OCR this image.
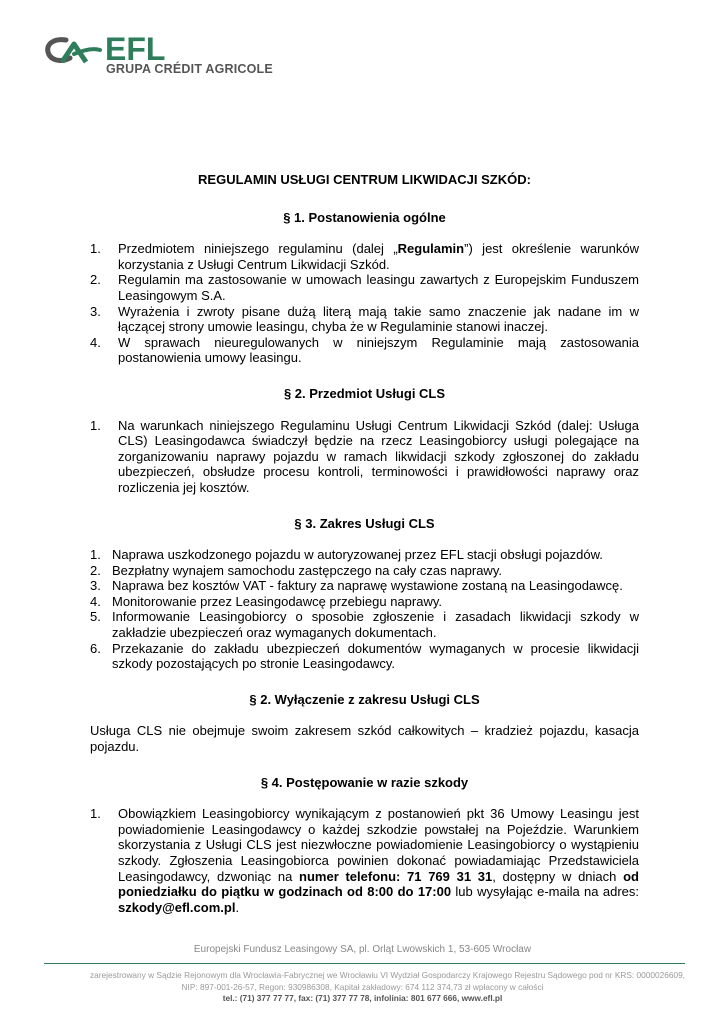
EFL
GRUPA CRÉDIT AGRICOLE

REGULAMIN USŁUGI CENTRUM LIKWIDACJI SZKÓD:

§ 1. Postanowienia ogólne

1. Przedmiotem niniejszego regulaminu (dalej „Regulamin”) jest określenie warunków korzystania z Usługi Centrum Likwidacji Szkód.
2. Regulamin ma zastosowanie w umowach leasingu zawartych z Europejskim Funduszem Leasingowym S.A.
3. Wyrażenia i zwroty pisane dużą literą mają takie samo znaczenie jak nadane im w łączącej strony umowie leasingu, chyba że w Regulaminie stanowi inaczej.
4. W sprawach nieuregulowanych w niniejszym Regulaminie mają zastosowania postanowienia umowy leasingu.

§ 2. Przedmiot Usługi CLS

1. Na warunkach niniejszego Regulaminu Usługi Centrum Likwidacji Szkód (dalej: Usługa CLS) Leasingodawca świadczył będzie na rzecz Leasingobiorcy usługi polegające na zorganizowaniu naprawy pojazdu w ramach likwidacji szkody zgłoszonej do zakładu ubezpieczeń, obsłudze procesu kontroli, terminowości i prawidłowości naprawy oraz rozliczenia jej kosztów.

§ 3. Zakres Usługi CLS

1. Naprawa uszkodzonego pojazdu w autoryzowanej przez EFL stacji obsługi pojazdów.
2. Bezpłatny wynajem samochodu zastępczego na cały czas naprawy.
3. Naprawa bez kosztów VAT - faktury za naprawę wystawione zostaną na Leasingodawcę.
4. Monitorowanie przez Leasingodawcę przebiegu naprawy.
5. Informowanie Leasingobiorcy o sposobie zgłoszenie i zasadach likwidacji szkody w zakładzie ubezpieczeń oraz wymaganych dokumentach.
6. Przekazanie do zakładu ubezpieczeń dokumentów wymaganych w procesie likwidacji szkody pozostających po stronie Leasingodawcy.

§ 2. Wyłączenie z zakresu Usługi CLS

Usługa CLS nie obejmuje swoim zakresem szkód całkowitych – kradzież pojazdu, kasacja pojazdu.

§ 4. Postępowanie w razie szkody

1. Obowiązkiem Leasingobiorcy wynikającym z postanowień pkt 36 Umowy Leasingu jest powiadomienie Leasingodawcy o każdej szkodzie powstałej na Pojeździe. Warunkiem skorzystania z Usługi CLS jest niezwłoczne powiadomienie Leasingobiorcy o wystąpieniu szkody. Zgłoszenia Leasingobiorca powinien dokonać powiadamiając Przedstawiciela Leasingodawcy, dzwoniąc na numer telefonu: 71 769 31 31, dostępny w dniach od poniedziałku do piątku w godzinach od 8:00 do 17:00 lub wysyłając e-maila na adres: szkody@efl.com.pl.
Europejski Fundusz Leasingowy SA, pl. Orląt Lwowskich 1, 53-605 Wrocław
zarejestrowany w Sądzie Rejonowym dla Wrocławia-Fabrycznej we Wrocławiu VI Wydział Gospodarczy Krajowego Rejestru Sądowego pod nr KRS: 0000026609,
NIP: 897-001-26-57, Regon: 930986308, Kapitał zakładowy: 674 112 374,73 zł wpłacony w całości
tel.: (71) 377 77 77, fax: (71) 377 77 78, infolinia: 801 677 666, www.efl.pl
